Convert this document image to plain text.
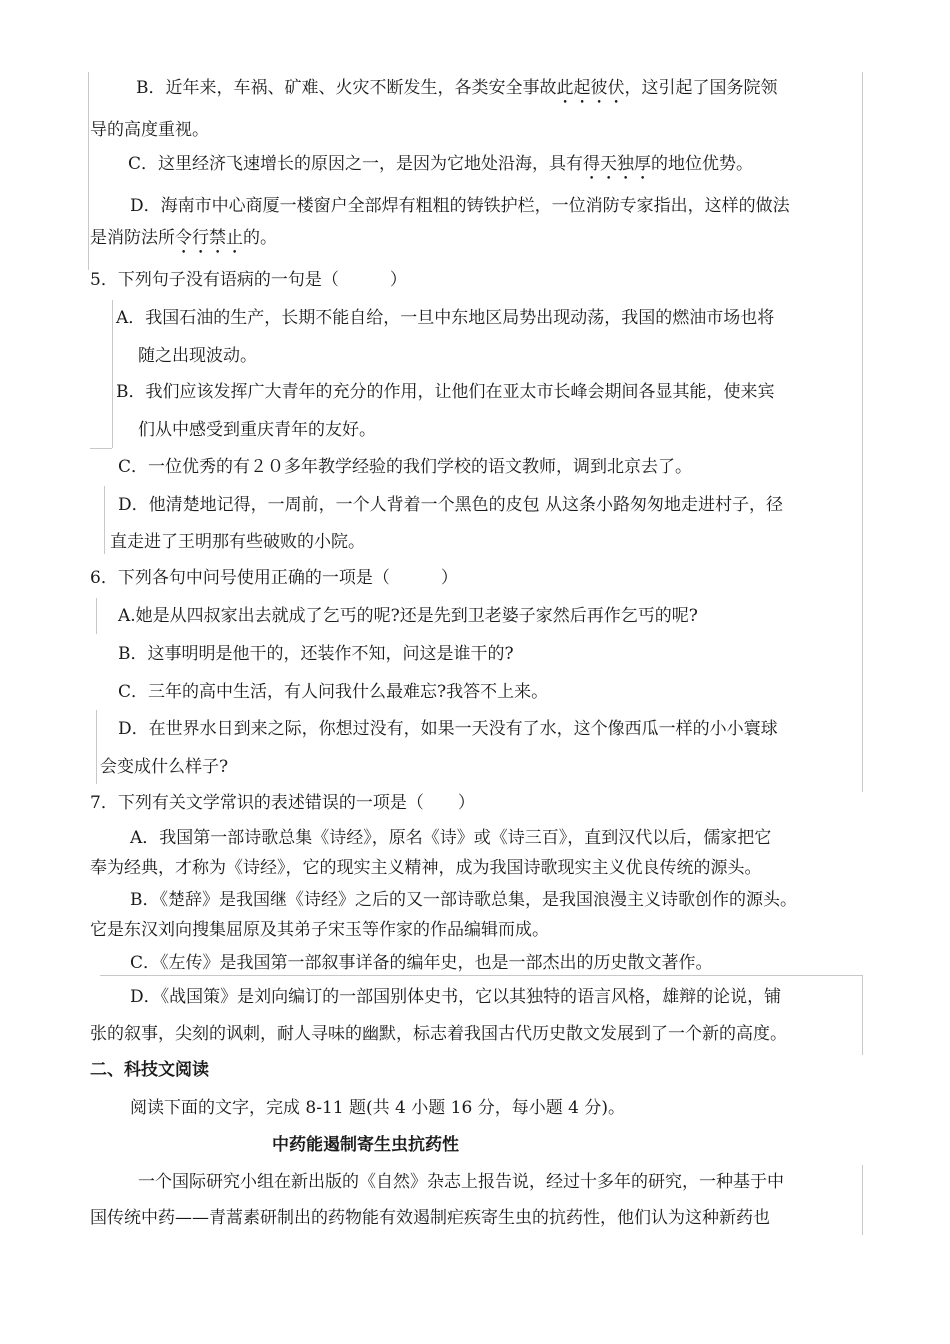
B．近年来，车祸、矿难、火灾不断发生，各类安全事故此起彼伏，这引起了国务院领
导的高度重视。
C．这里经济飞速增长的原因之一，是因为它地处沿海，具有得天独厚的地位优势。
D．海南市中心商厦一楼窗户全部焊有粗粗的铸铁护栏，一位消防专家指出，这样的做法
是消防法所令行禁止的。
5．下列句子没有语病的一句是（　　　）
A．我国石油的生产，长期不能自给，一旦中东地区局势出现动荡，我国的燃油市场也将
随之出现波动。
B．我们应该发挥广大青年的充分的作用，让他们在亚太市长峰会期间各显其能，使来宾
们从中感受到重庆青年的友好。
C．一位优秀的有２０多年教学经验的我们学校的语文教师，调到北京去了。
D．他清楚地记得，一周前，一个人背着一个黑色的皮包 从这条小路匆匆地走进村子，径
直走进了王明那有些破败的小院。
6．下列各句中问号使用正确的一项是（　　　）
A.她是从四叔家出去就成了乞丐的呢?还是先到卫老婆子家然后再作乞丐的呢?
B．这事明明是他干的，还装作不知，问这是谁干的?
C．三年的高中生活，有人问我什么最难忘?我答不上来。
D．在世界水日到来之际，你想过没有，如果一天没有了水，这个像西瓜一样的小小寰球
会变成什么样子?
7．下列有关文学常识的表述错误的一项是（　　）
A．我国第一部诗歌总集《诗经》，原名《诗》或《诗三百》，直到汉代以后，儒家把它
奉为经典，才称为《诗经》，它的现实主义精神，成为我国诗歌现实主义优良传统的源头。
B．《楚辞》是我国继《诗经》之后的又一部诗歌总集，是我国浪漫主义诗歌创作的源头。
它是东汉刘向搜集屈原及其弟子宋玉等作家的作品编辑而成。
C．《左传》是我国第一部叙事详备的编年史，也是一部杰出的历史散文著作。
D．《战国策》是刘向编订的一部国别体史书，它以其独特的语言风格，雄辩的论说，铺
张的叙事，尖刻的讽刺，耐人寻味的幽默，标志着我国古代历史散文发展到了一个新的高度。
二、科技文阅读
阅读下面的文字，完成 8-11 题(共 4 小题 16 分，每小题 4 分)。
中药能遏制寄生虫抗药性
一个国际研究小组在新出版的《自然》杂志上报告说，经过十多年的研究，一种基于中
国传统中药——青蒿素研制出的药物能有效遏制疟疾寄生虫的抗药性，他们认为这种新药也
